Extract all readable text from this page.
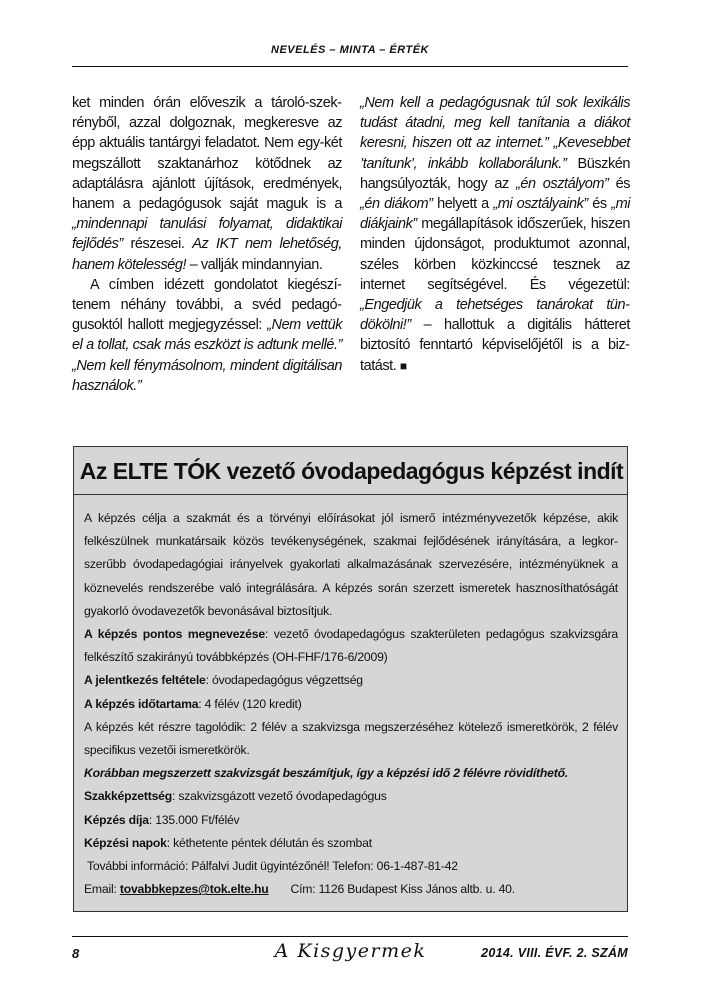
NEVELÉS – MINTA – ÉRTÉK

ket minden órán előveszik a tároló-szekrényből, azzal dolgoznak, megkeresve az épp aktuális tantárgyi feladatot. Nem egy-két megszállott szaktanárhoz kötődnek az adaptálásra ajánlott újítások, eredmények, hanem a pedagógusok saját maguk is a „mindennapi tanulási folyamat, didaktikai fejlődés” részesei. Az IKT nem lehetőség, hanem kötelesség! – vallják mindannyian.

A címben idézett gondolatot kiegészítenem néhány további, a svéd pedagógusoktól hallott megjegyzéssel: „Nem vettük el a tollat, csak más eszközt is adtunk mellé.” „Nem kell fénymásolnom, mindent digitálisan használok.”

„Nem kell a pedagógusnak túl sok lexikális tudást átadni, meg kell tanítania a diákot keresni, hiszen ott az internet.” „Kevesebbet ’tanítunk’, inkább kollaborálunk.’’ Büszkén hangsúlyozták, hogy az „én osztályom” és „én diákom” helyett a „mi osztályaink” és „mi diákjaink” megállapítások időszerűek, hiszen minden újdonságot, produktumot azonnal, széles körben közkinccsé tesznek az internet segítségével. És végezetül: „Engedjük a tehetséges tanárokat tündökölni!” – hallottuk a digitális hátteret biztosító fenntartó képviselőjétől is a biztatást. ■

Az ELTE TÓK vezető óvodapedagógus képzést indít

A képzés célja a szakmát és a törvényi előírásokat jól ismerő intézményvezetők képzése, akik felkészülnek munkatársaik közös tevékenységének, szakmai fejlődésének irányítására, a legkorszerűbb óvodapedagógiai irányelvek gyakorlati alkalmazásának szervezésére, intézményüknek a köznevelés rendszerébe való integrálására. A képzés során szerzett ismeretek hasznosíthatóságát gyakorló óvodavezetők bevonásával biztosítjuk.

A képzés pontos megnevezése: vezető óvodapedagógus szakterületen pedagógus szakvizsgára felkészítő szakirányú továbbképzés (OH-FHF/176-6/2009)

A jelentkezés feltétele: óvodapedagógus végzettség

A képzés időtartama: 4 félév (120 kredit)

A képzés két részre tagolódik: 2 félév a szakvizsga megszerzéséhez kötelező ismeretkörök, 2 félév specifikus vezetői ismeretkörök.

Korábban megszerzett szakvizsgát beszámítjuk, így a képzési idő 2 félévre rövidíthető.

Szakképzettség: szakvizsgázott vezető óvodapedagógus

Képzés díja: 135.000 Ft/félév

Képzési napok: kéthetente péntek délután és szombat

További információ: Pálfalvi Judit ügyintézőnél! Telefon: 06-1-487-81-42

Email: tovabbkepzes@tok.elte.hu Cím: 1126 Budapest Kiss János altb. u. 40.

8	A Kisgyermek	2014. VIII. ÉVF. 2. SZÁM
